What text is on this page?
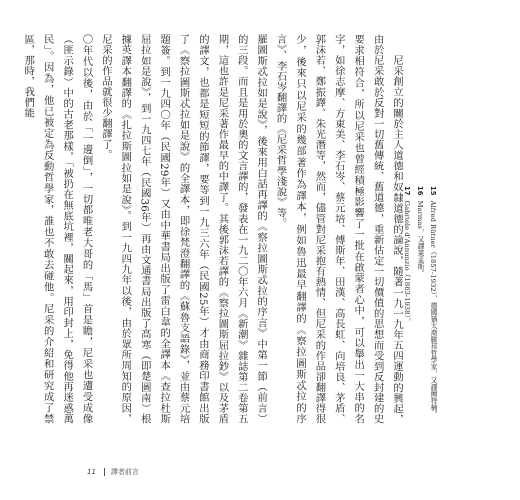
尼采創立的關於主人道德和奴隸道德的論說，隨著一九一九年五四運動的興起，由於尼采敢於反對一切舊傳統、舊道德，重新估定一切價值的思想而受到反封建的史要求相符合，所以尼采也曾經積極影響了一批在啟蒙者心中，可以舉出一大串的名字，如徐志摩、方東美、李石岑、蔡元培、傅斯年、田漢、高長虹、向培良、茅盾、郭沫若、鄭振鐸、朱光潛等，然而，儘管對尼采抱有熱情、但尼采的作品卻翻譯得很少，後來只以尼采的幾部著作為譯本，例如魯迅最早翻譯的《察拉圖斯忒拉的序言》、李石岑翻譯的《尼采哲學淺說》等。

羅圖斯忒拉如是說》，後來用白話再譯的《察拉圖斯忒拉的序言》中第一節（前言）的三段。而且是用於奧的文言譯的，發表在一九二〇年六月《新潮》雜誌第二卷第五期，這也許是尼采著作最早的中譯了。其後郭沫若譯的《察拉圖斯屈拉鈔》以及茅盾的譯文，也都是短短的節譯，要等到一九三六年（民國25年）才由商務印書館出版了《察拉圖斯忒拉如是說》的全譯本，即徐梵澄翻譯的《蘇魯支語錄》，並由蔡元培題簽。到一九四〇年（民國29年）又由中華書局出版了雷白韋的全譯本《查拉杜斯屈拉如是說》，到一九四七年（民國36年）再由文通書局出版了高寒（即楚圖南）根據英譯本翻譯的《扎拉斯圖拉如是說》。到一九四九年以後，由於眾所周知的原因，尼采的作品就很少翻譯了。

〇年代以後，由於「一邊倒」，一切都唯老大哥的「馬」首是瞻，尼采也遭受成像（匪示錄）中的古老那樣，「被扔在無底坑裡，關起來，用印封上，免得他再迷惑萬民」。因為，他已被定為反動哲學家，誰也不敢去碰他。尼采的介紹和研究成了禁區，那時，我們能

15 Alfred Rütner（1857-1932），德國猶太裔聯邦哲學家，又譯爾特楠。
16 Marmas，又譯萊孟斯。
17 Gabriele d'Annunzio（1863-1938）。
11 譯者前言
